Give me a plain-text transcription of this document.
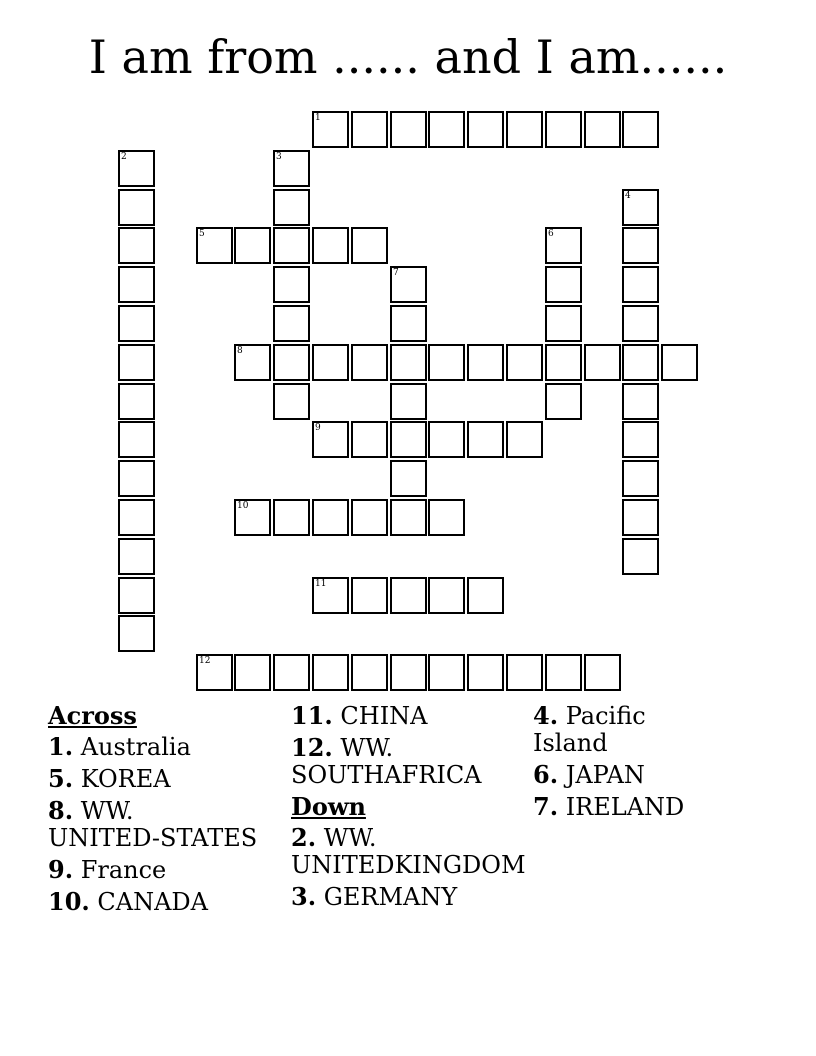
I am from ...... and I am......
1
2	3
4
5	6
7
8
9
10
11
12
Across
1. Australia
5. KOREA
8. WW.
UNITED-STATES
9. France
10. CANADA
11. CHINA
12. WW.
SOUTHAFRICA
Down
2. WW.
UNITEDKINGDOM
3. GERMANY
4. Pacific
Island
6. JAPAN
7. IRELAND
